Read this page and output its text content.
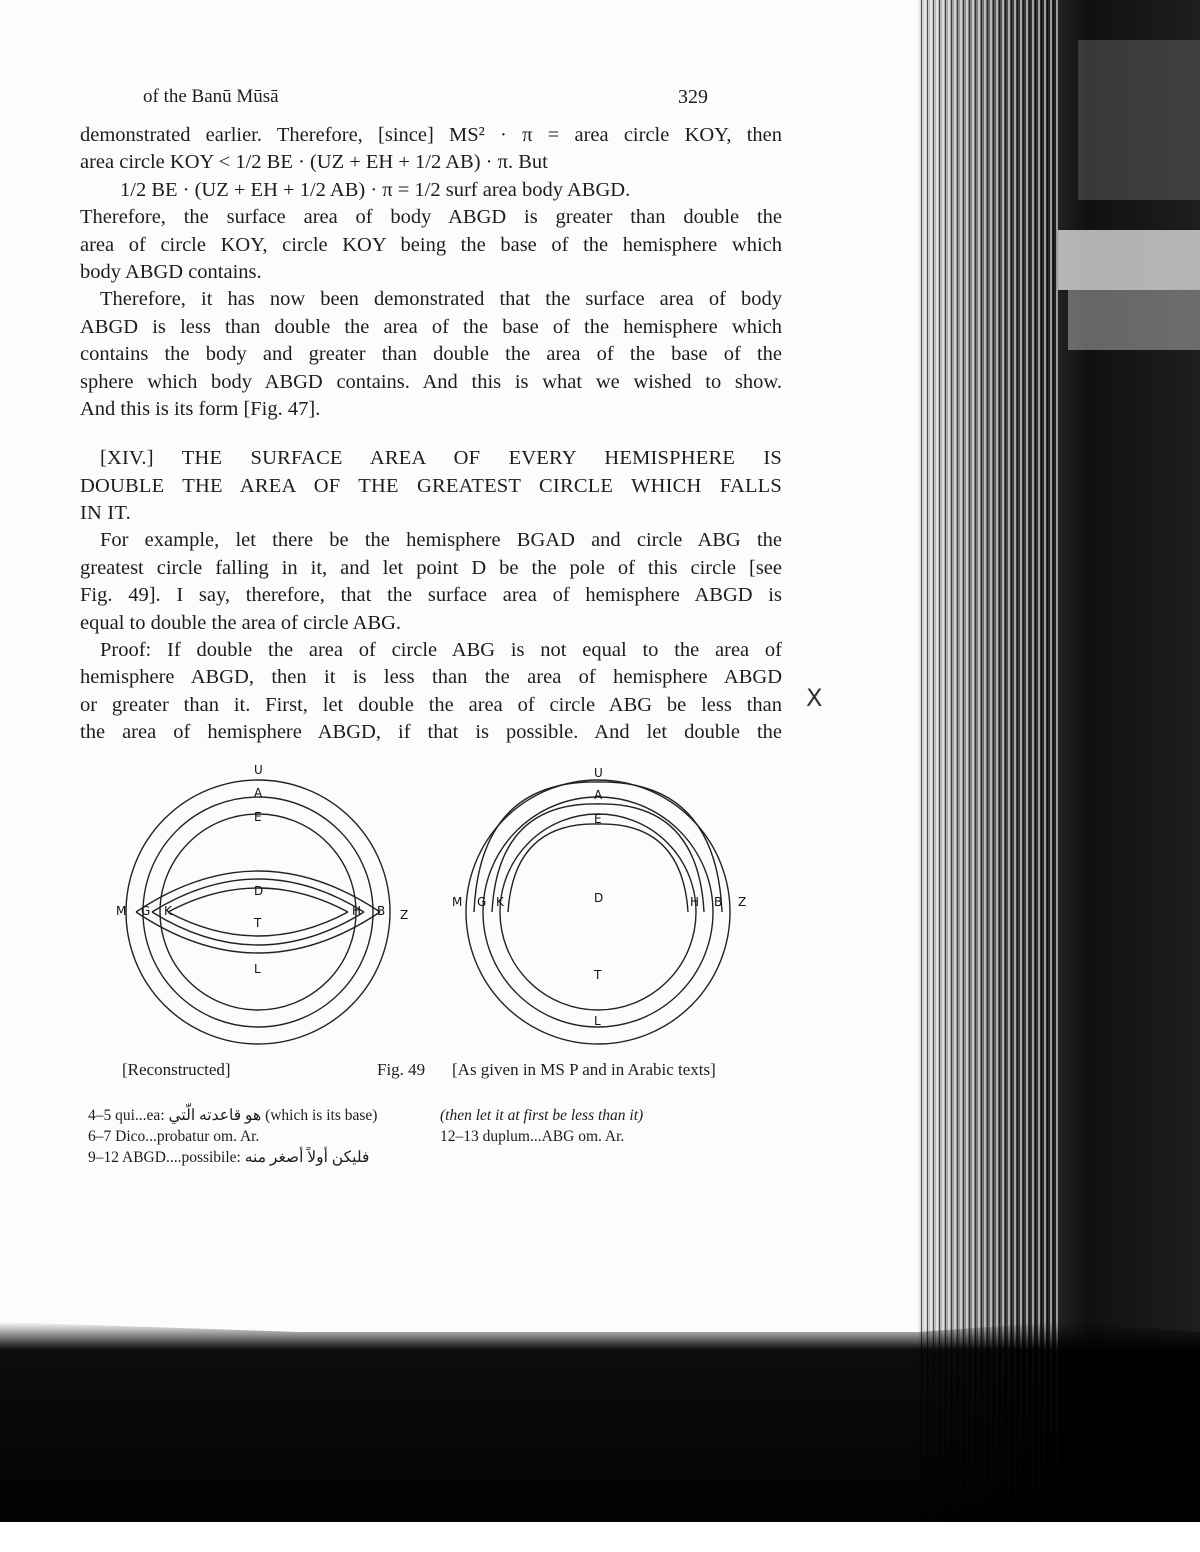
of the Banū Mūsā	329
demonstrated earlier. Therefore, [since] MS² · π = area circle KOY, then
area circle KOY < 1/2 BE · (UZ + EH + 1/2 AB) · π. But
1/2 BE · (UZ + EH + 1/2 AB) · π = 1/2 surf area body ABGD.
Therefore, the surface area of body ABGD is greater than double the
area of circle KOY, circle KOY being the base of the hemisphere which
body ABGD contains.
Therefore, it has now been demonstrated that the surface area of body
ABGD is less than double the area of the base of the hemisphere which
contains the body and greater than double the area of the base of the
sphere which body ABGD contains. And this is what we wished to show.
And this is its form [Fig. 47].
[XIV.] THE SURFACE AREA OF EVERY HEMISPHERE IS
DOUBLE THE AREA OF THE GREATEST CIRCLE WHICH FALLS
IN IT.
For example, let there be the hemisphere BGAD and circle ABG the
greatest circle falling in it, and let point D be the pole of this circle [see
Fig. 49]. I say, therefore, that the surface area of hemisphere ABGD is
equal to double the area of circle ABG.
Proof: If double the area of circle ABG is not equal to the area of
hemisphere ABGD, then it is less than the area of hemisphere ABGD
or greater than it. First, let double the area of circle ABG be less than
the area of hemisphere ABGD, if that is possible. And let double the
X
U
A
E
D
T
L
M G K	H B Z
U
A
E
D
T
L
M G K	H B Z
[Reconstructed]	Fig. 49 [As given in MS P and in Arabic texts]
4–5 qui...ea: هو قاعدته الّتي (which is its base)
6–7 Dico...probatur om. Ar.
9–12 ABGD....possibile: فليكن أولاً أصغر منه
(then let it at first be less than it)
12–13 duplum...ABG om. Ar.
